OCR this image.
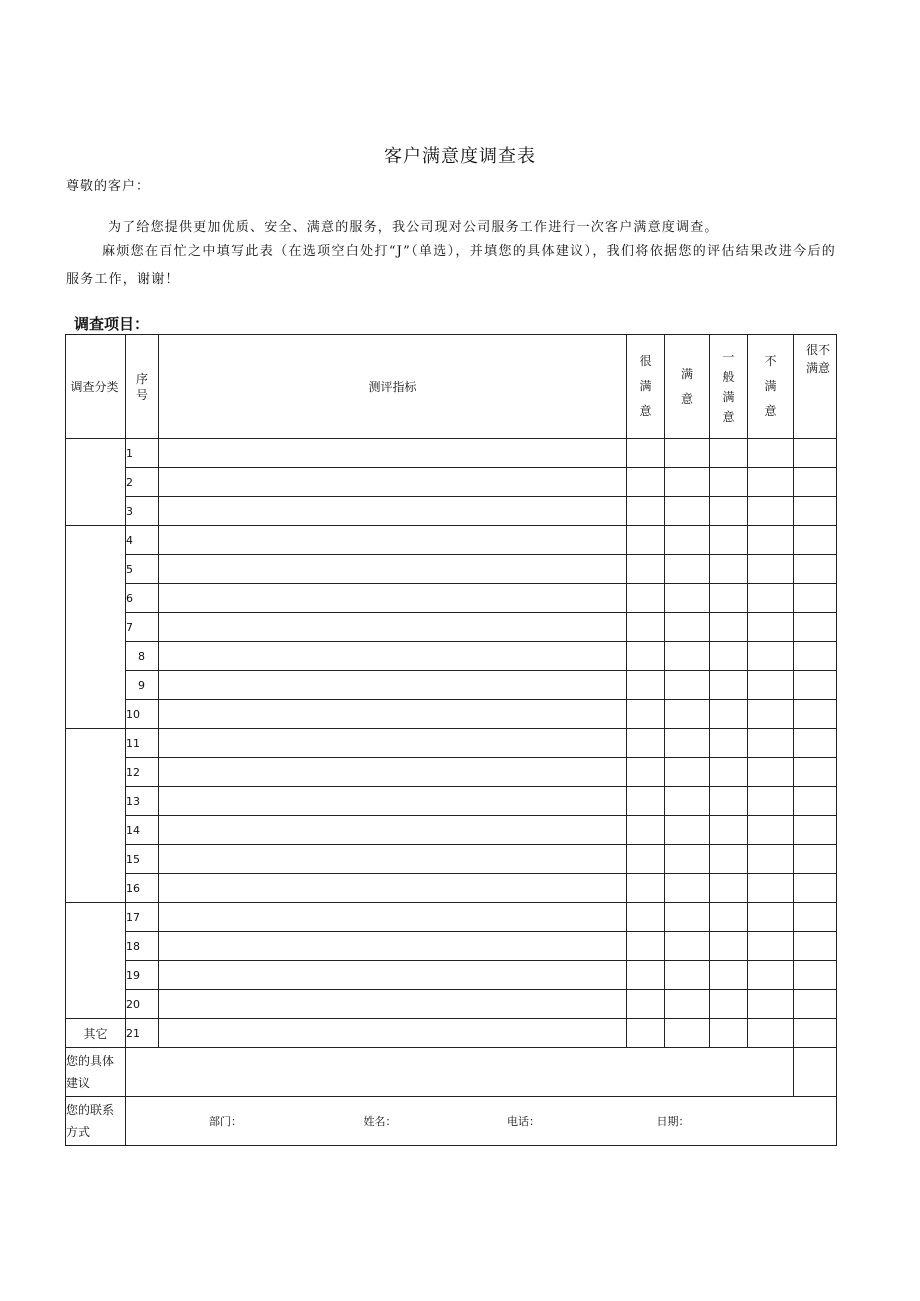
客户满意度调查表
尊敬的客户：
为了给您提供更加优质、安全、满意的服务，我公司现对公司服务工作进行一次客户满意度调查。
麻烦您在百忙之中填写此表（在选项空白处打“J”（单选），并填您的具体建议），我们将依据您的评估结果改进今后的服务工作，谢谢！
调查项目：
调查分类	序号	测评指标	很满意	满意	一般满意	不满意	很不满意

	1						
	2						
	3						
	4						
	5						
	6						
	7						
	8						
	9						
	10						
	11						
	12						
	13						
	14						
	15						
	16						
	17						
	18						
	19						
	20						
其它	21						
您的具体建议							
您的联系方式	部门： 姓名： 电话： 日期：						
